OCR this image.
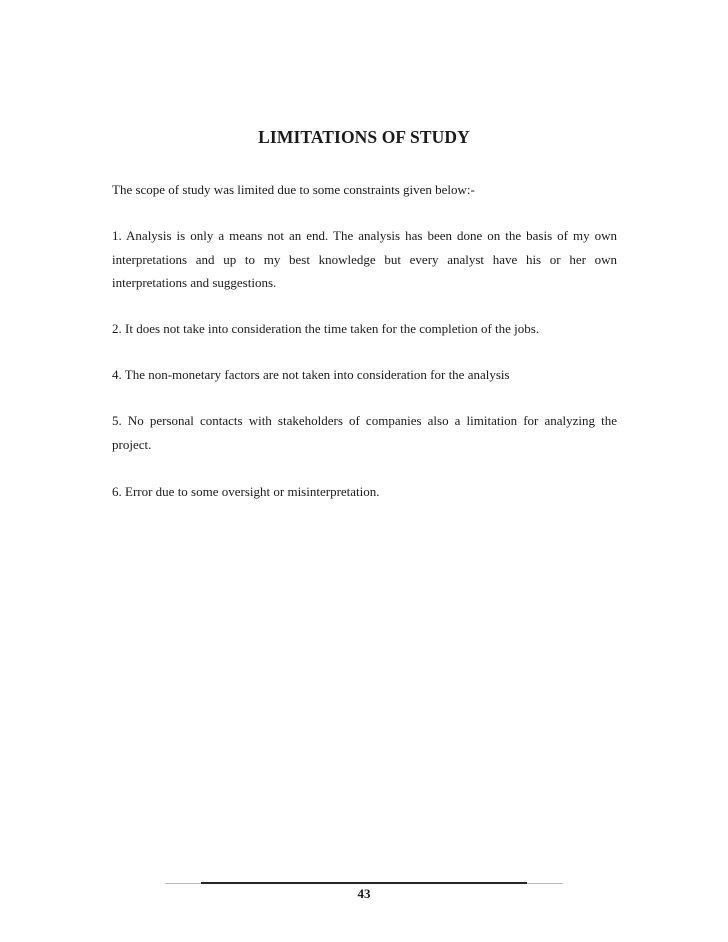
LIMITATIONS OF STUDY
The scope of study was limited due to some constraints given below:-
1. Analysis is only a means not an end. The analysis has been done on the basis of my own interpretations and up to my best knowledge but every analyst have his or her own interpretations and suggestions.
2. It does not take into consideration the time taken for the completion of the jobs.
4. The non-monetary factors are not taken into consideration for the analysis
5. No personal contacts with stakeholders of companies also a limitation for analyzing the project.
6. Error due to some oversight or misinterpretation.
43
